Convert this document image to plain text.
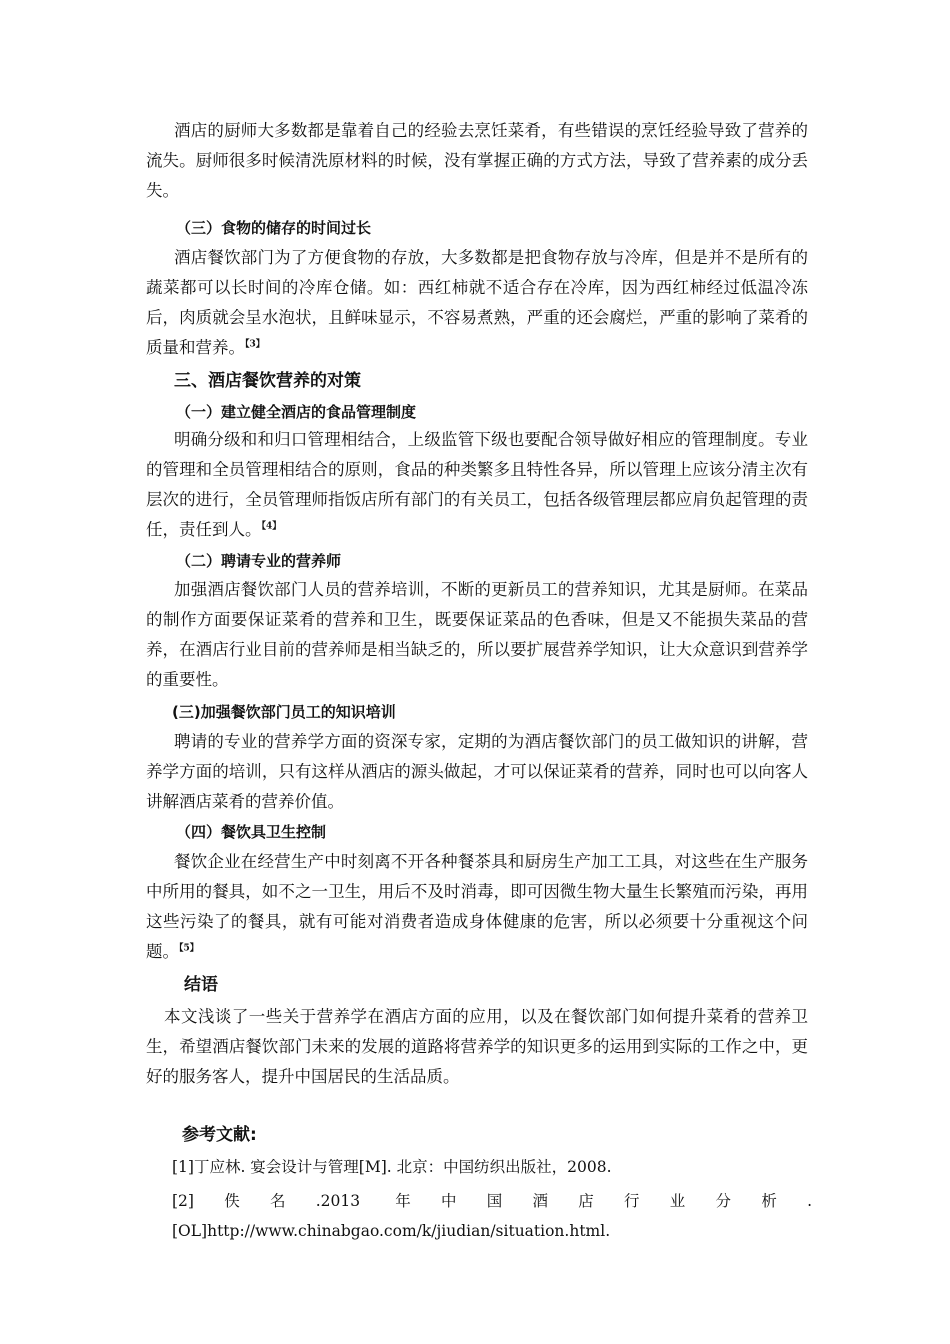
酒店的厨师大多数都是靠着自己的经验去烹饪菜肴，有些错误的烹饪经验导致了营养的流失。厨师很多时候清洗原材料的时候，没有掌握正确的方式方法，导致了营养素的成分丢失。

（三）食物的储存的时间过长

酒店餐饮部门为了方便食物的存放，大多数都是把食物存放与冷库，但是并不是所有的蔬菜都可以长时间的冷库仓储。如：西红柿就不适合存在冷库，因为西红柿经过低温冷冻后，肉质就会呈水泡状，且鲜味显示，不容易煮熟，严重的还会腐烂，严重的影响了菜肴的质量和营养。$^{【3】}$

三、酒店餐饮营养的对策
（一）建立健全酒店的食品管理制度

明确分级和和归口管理相结合，上级监管下级也要配合领导做好相应的管理制度。专业的管理和全员管理相结合的原则，食品的种类繁多且特性各异，所以管理上应该分清主次有层次的进行，全员管理师指饭店所有部门的有关员工，包括各级管理层都应肩负起管理的责任，责任到人。$^{【4】}$

（二）聘请专业的营养师

加强酒店餐饮部门人员的营养培训，不断的更新员工的营养知识，尤其是厨师。在菜品的制作方面要保证菜肴的营养和卫生，既要保证菜品的色香味，但是又不能损失菜品的营养，在酒店行业目前的营养师是相当缺乏的，所以要扩展营养学知识，让大众意识到营养学的重要性。

(三)加强餐饮部门员工的知识培训

聘请的专业的营养学方面的资深专家，定期的为酒店餐饮部门的员工做知识的讲解，营养学方面的培训，只有这样从酒店的源头做起，才可以保证菜肴的营养，同时也可以向客人讲解酒店菜肴的营养价值。

（四）餐饮具卫生控制

餐饮企业在经营生产中时刻离不开各种餐茶具和厨房生产加工工具，对这些在生产服务中所用的餐具，如不之一卫生，用后不及时消毒，即可因微生物大量生长繁殖而污染，再用这些污染了的餐具，就有可能对消费者造成身体健康的危害，所以必须要十分重视这个问题。$^{【5】}$

结语

本文浅谈了一些关于营养学在酒店方面的应用，以及在餐饮部门如何提升菜肴的营养卫生，希望酒店餐饮部门未来的发展的道路将营养学的知识更多的运用到实际的工作之中，更好的服务客人，提升中国居民的生活品质。

参考文献:

[1]丁应林. 宴会设计与管理[M]. 北京：中国纺织出版社，2008.

[2]佚名.2013 年中国酒店行业分析.[OL]http://www.chinabgao.com/k/jiudian/situation.html.
